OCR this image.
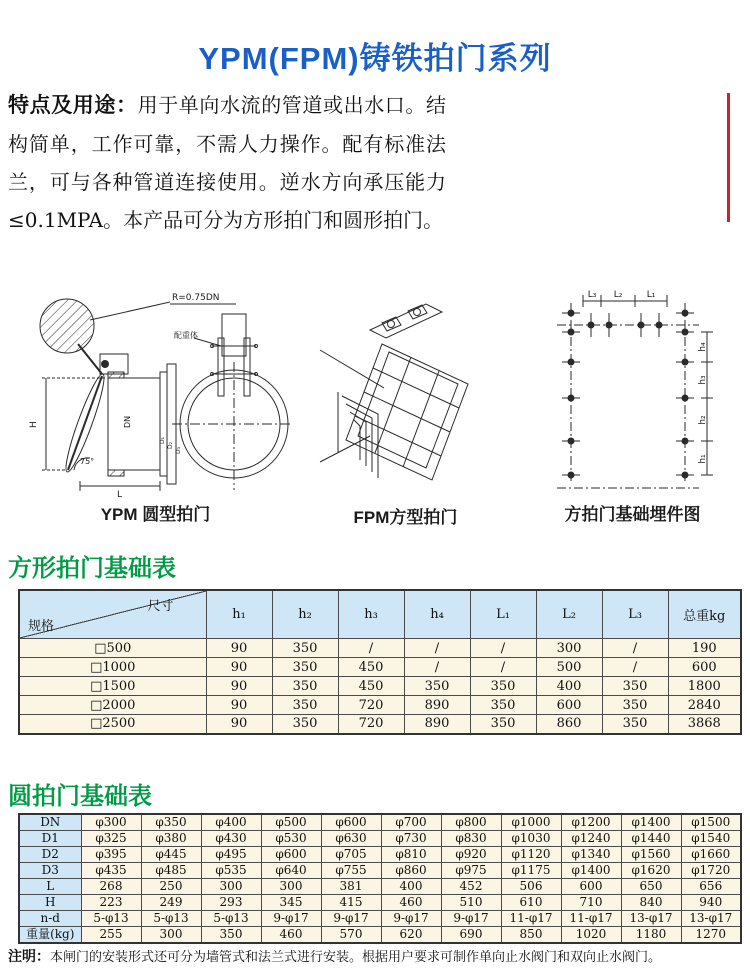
YPM(FPM)铸铁拍门系列

特点及用途：用于单向水流的管道或出水口。结构简单，工作可靠，不需人力操作。配有标准法兰，可与各种管道连接使用。逆水方向承压能力≤0.1MPA。本产品可分为方形拍门和圆形拍门。

R=0.75DN
75°
H
L
DN
D₁
D₂
D₃
配重体
YPM 圆型拍门	FPM方型拍门
L₃ L₂	L₁
h₄
h₃
h₂
h₁
方拍门基础埋件图
方形拍门基础表
尺寸
规格	h₁	h₂	h₃	h₄	L₁	L₂	L₃	总重kg
□500	90	350	/	/	/	300	/	190
□1000	90	350	450	/	/	500	/	600
□1500	90	350	450	350	350	400	350	1800
□2000	90	350	720	890	350	600	350	2840
□2500	90	350	720	890	350	860	350	3868
圆拍门基础表
DN	φ300	φ350	φ400	φ500	φ600	φ700	φ800	φ1000	φ1200	φ1400	φ1500
D1	φ325	φ380	φ430	φ530	φ630	φ730	φ830	φ1030	φ1240	φ1440	φ1540
D2	φ395	φ445	φ495	φ600	φ705	φ810	φ920	φ1120	φ1340	φ1560	φ1660
D3	φ435	φ485	φ535	φ640	φ755	φ860	φ975	φ1175	φ1400	φ1620	φ1720
L	268	250	300	300	381	400	452	506	600	650	656
H	223	249	293	345	415	460	510	610	710	840	940
n-d	5-φ13	5-φ13	5-φ13	9-φ17	9-φ17	9-φ17	9-φ17	11-φ17	11-φ17	13-φ17	13-φ17
重量(kg)	255	300	350	460	570	620	690	850	1020	1180	1270

注明：本闸门的安装形式还可分为墙管式和法兰式进行安装。根据用户要求可制作单向止水阀门和双向止水阀门。
